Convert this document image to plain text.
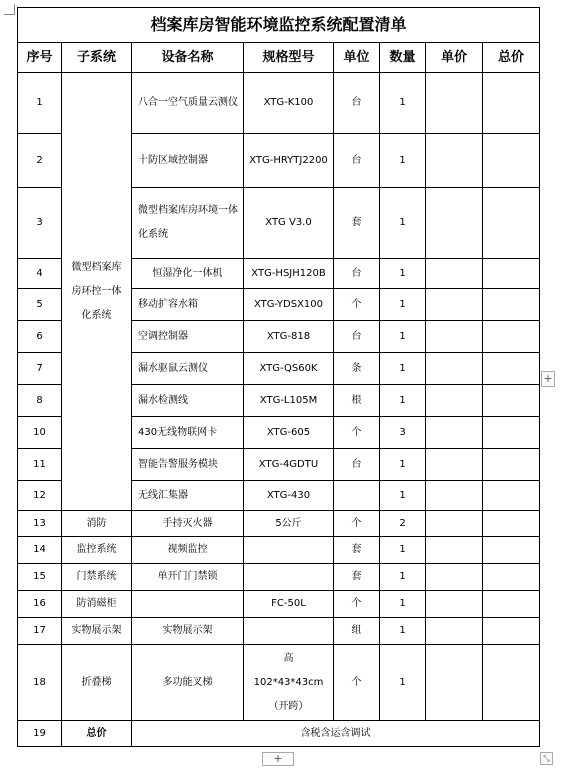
档案库房智能环境监控系统配置清单							
序号	子系统	设备名称	规格型号	单位	数量	单价	总价
1	微型档案库房环控一体化系统	八合一空气质量云测仪	XTG-K100	台	1		
2		十防区域控制器	XTG-HRYTJ2200	台	1		
3		微型档案库房环境一体化系统	XTG V3.0	套	1		
4		恒湿净化一体机	XTG-HSJH120B	台	1		
5		移动扩容水箱	XTG-YDSX100	个	1		
6		空调控制器	XTG-818	台	1		
7		漏水驱鼠云测仪	XTG-QS60K	条	1		
8		漏水检测线	XTG-L105M	根	1		
10		430无线物联网卡	XTG-605	个	3		
11		智能告警服务模块	XTG-4GDTU	台	1		
12		无线汇集器	XTG-430		1		
13	消防	手持灭火器	5公斤	个	2		
14	监控系统	视频监控		套	1		
15	门禁系统	单开门门禁锁		套	1		
16	防消磁柜		FC-50L	个	1		
17	实物展示架	实物展示架		组	1		
18	折叠梯	多功能叉梯	高
102*43*43cm
（开跨）	个	1		
19	总价	含税含运含调试					
+
+	⤡
